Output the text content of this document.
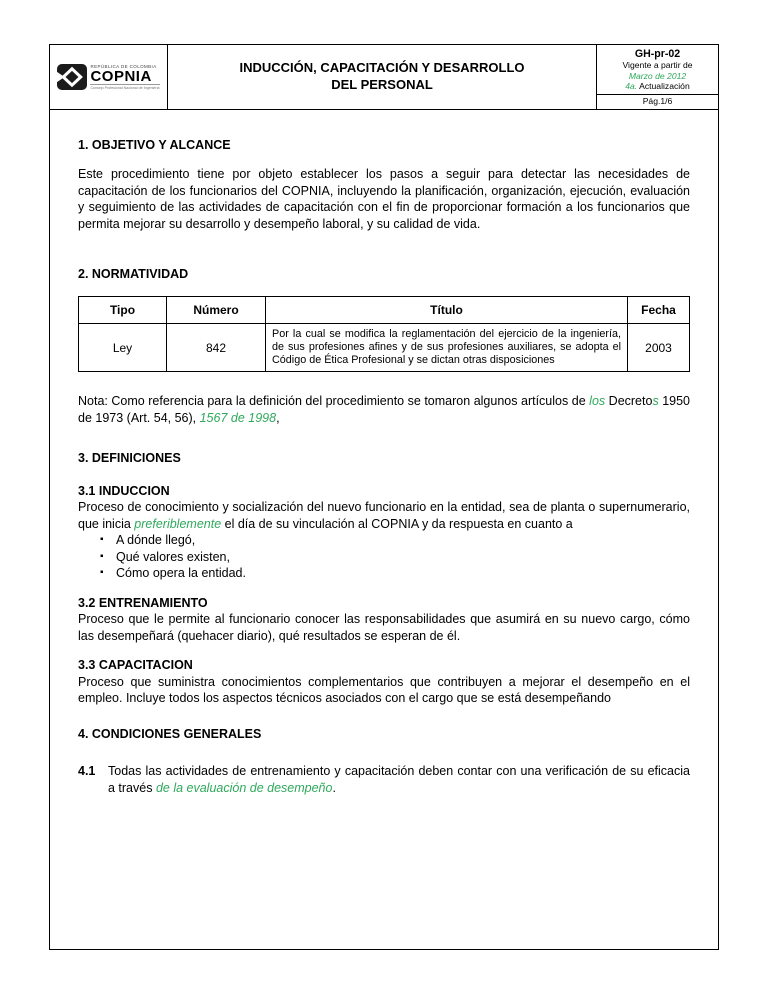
REPÚBLICA DE COLOMBIA
COPNIA
Consejo Profesional Nacional de Ingeniería
INDUCCIÓN, CAPACITACIÓN Y DESARROLLO
DEL PERSONAL
GH-pr-02
Vigente a partir de
Marzo de 2012
4a. Actualización
Pág.1/6
1. OBJETIVO Y ALCANCE

Este procedimiento tiene por objeto establecer los pasos a seguir para detectar las necesidades de capacitación de los funcionarios del COPNIA, incluyendo la planificación, organización, ejecución, evaluación y seguimiento de las actividades de capacitación con el fin de proporcionar formación a los funcionarios que permita mejorar su desarrollo y desempeño laboral, y su calidad de vida.

2. NORMATIVIDAD
Tipo	Número	Título	Fecha
Ley	842	Por la cual se modifica la reglamentación del ejercicio de la ingeniería, de sus profesiones afines y de sus profesiones auxiliares, se adopta el Código de Ética Profesional y se dictan otras disposiciones	2003

Nota: Como referencia para la definición del procedimiento se tomaron algunos artículos de los Decretos 1950 de 1973 (Art. 54, 56), 1567 de 1998,

3. DEFINICIONES
3.1 INDUCCION

Proceso de conocimiento y socialización del nuevo funcionario en la entidad, sea de planta o supernumerario, que inicia preferiblemente el día de su vinculación al COPNIA y da respuesta en cuanto a

▪ A dónde llegó,
▪ Qué valores existen,
▪ Cómo opera la entidad.
3.2 ENTRENAMIENTO

Proceso que le permite al funcionario conocer las responsabilidades que asumirá en su nuevo cargo, cómo las desempeñará (quehacer diario), qué resultados se esperan de él.

3.3 CAPACITACION

Proceso que suministra conocimientos complementarios que contribuyen a mejorar el desempeño en el empleo. Incluye todos los aspectos técnicos asociados con el cargo que se está desempeñando

4. CONDICIONES GENERALES
4.1	Todas las actividades de entrenamiento y capacitación deben contar con una verificación de su eficacia a través de la evaluación de desempeño.
